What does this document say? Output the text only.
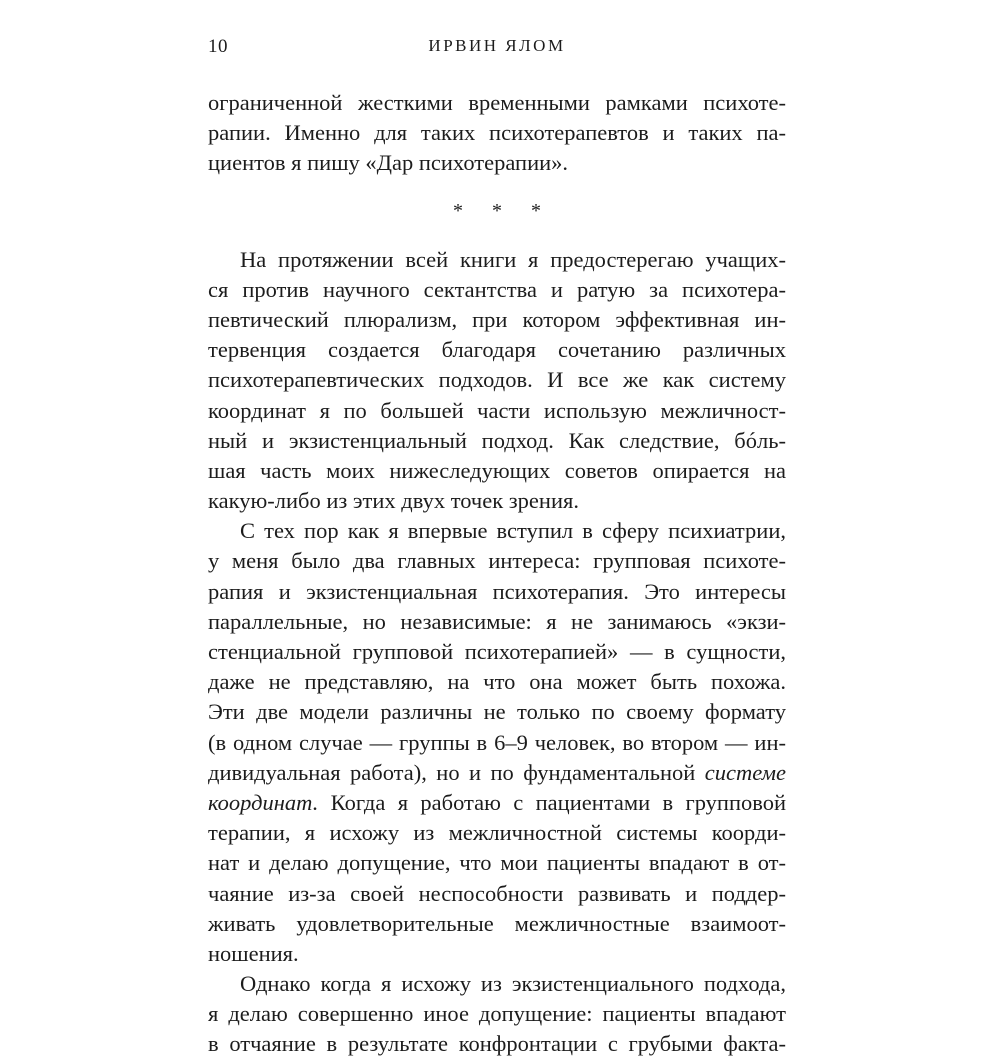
10	ИРВИН ЯЛОМ
ограниченной жесткими временными рамками психоте-
рапии. Именно для таких психотерапевтов и таких па-
циентов я пишу «Дар психотерапии».
* * *
На протяжении всей книги я предостерегаю учащих-
ся против научного сектантства и ратую за психотера-
певтический плюрализм, при котором эффективная ин-
тервенция создается благодаря сочетанию различных
психотерапевтических подходов. И все же как систему
координат я по большей части использую межличност-
ный и экзистенциальный подход. Как следствие, бóль-
шая часть моих нижеследующих советов опирается на
какую-либо из этих двух точек зрения.
С тех пор как я впервые вступил в сферу психиатрии,
у меня было два главных интереса: групповая психоте-
рапия и экзистенциальная психотерапия. Это интересы
параллельные, но независимые: я не занимаюсь «экзи-
стенциальной групповой психотерапией» — в сущности,
даже не представляю, на что она может быть похожа.
Эти две модели различны не только по своему формату
(в одном случае — группы в 6–9 человек, во втором — ин-
дивидуальная работа), но и по фундаментальной системе
координат. Когда я работаю с пациентами в групповой
терапии, я исхожу из межличностной системы коорди-
нат и делаю допущение, что мои пациенты впадают в от-
чаяние из-за своей неспособности развивать и поддер-
живать удовлетворительные межличностные взаимоот-
ношения.
Однако когда я исхожу из экзистенциального подхода,
я делаю совершенно иное допущение: пациенты впадают
в отчаяние в результате конфронтации с грубыми факта-
